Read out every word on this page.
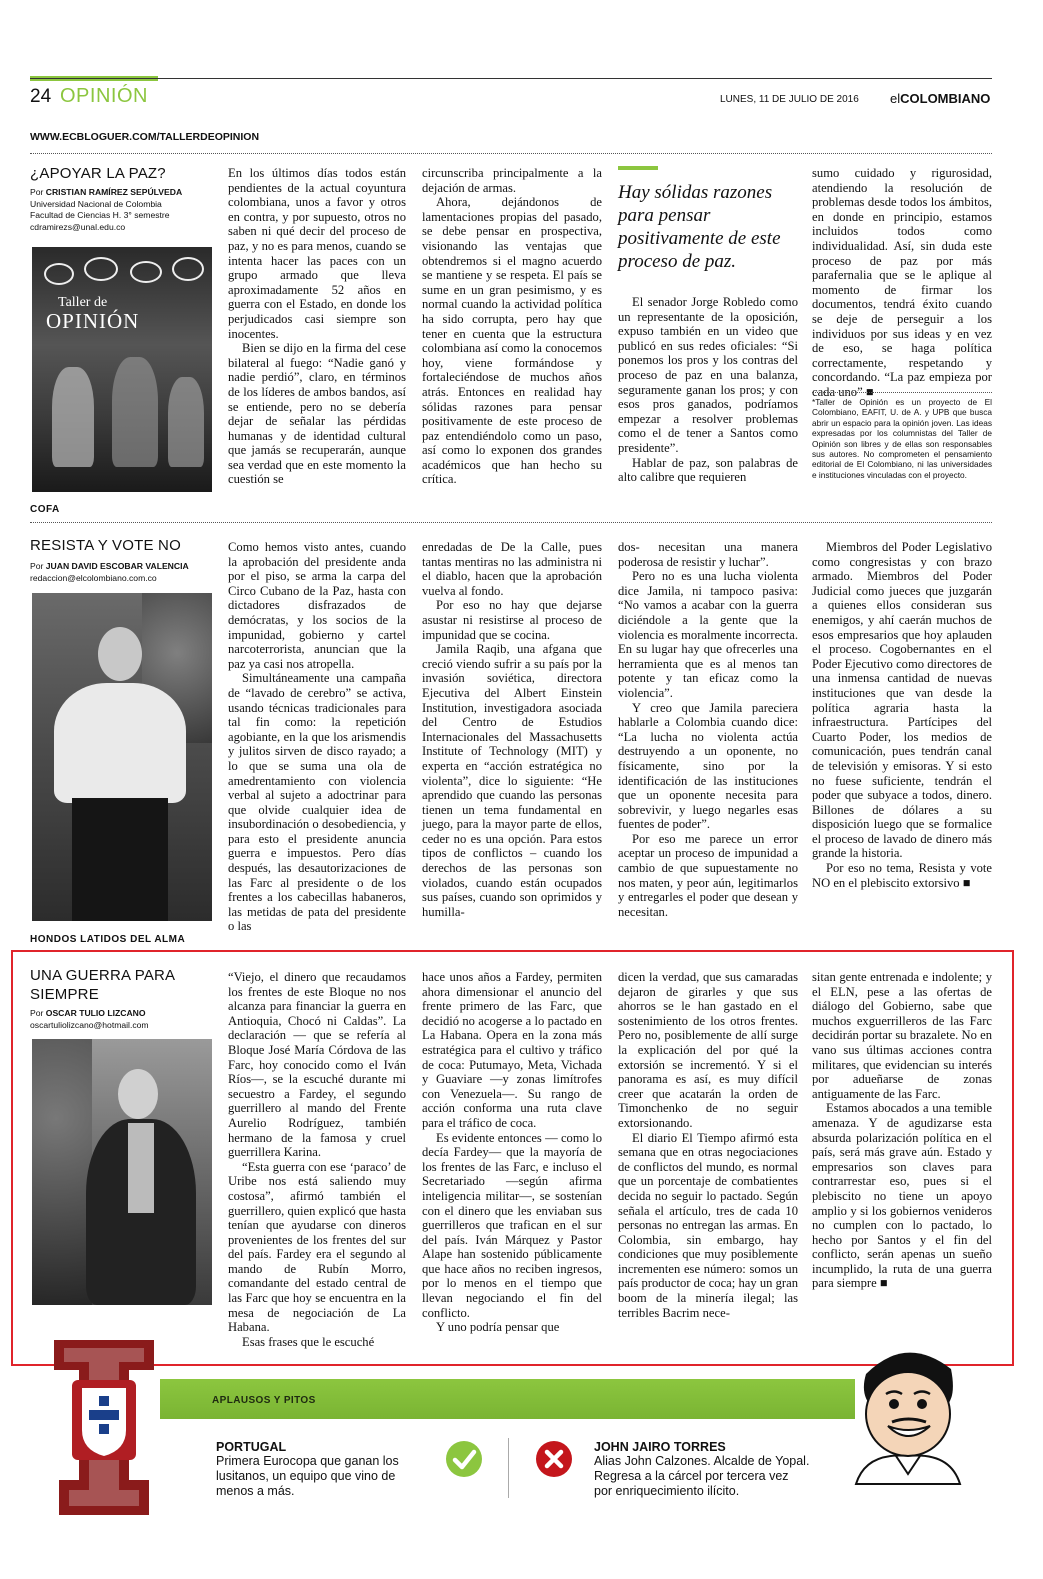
24 OPINIÓN	LUNES, 11 DE JULIO DE 2016 elCOLOMBIANO
WWW.ECBLOGUER.COM/TALLERDEOPINION
¿APOYAR LA PAZ?
Por CRISTIAN RAMÍREZ SEPÚLVEDA
Universidad Nacional de Colombia
Facultad de Ciencias H. 3° semestre
cdramirezs@unal.edu.co
Taller de
OPINIÓN

En los últimos días todos están pendientes de la actual coyuntura colombiana, unos a favor y otros en contra, y por supuesto, otros no saben ni qué decir del proceso de paz, y no es para menos, cuando se intenta hacer las paces con un grupo armado que lleva aproximadamente 52 años en guerra con el Estado, en donde los perjudicados casi siempre son inocentes.

Bien se dijo en la firma del cese bilateral al fuego: “Nadie ganó y nadie perdió”, claro, en términos de los líderes de ambos bandos, así se entiende, pero no se debería dejar de señalar las pérdidas humanas y de identidad cultural que jamás se recuperarán, aunque sea verdad que en este momento la cuestión se

circunscriba principalmente a la dejación de armas.

Ahora, dejándonos de lamentaciones propias del pasado, se debe pensar en prospectiva, visionando las ventajas que obtendremos si el magno acuerdo se mantiene y se respeta. El país se sume en un gran pesimismo, y es normal cuando la actividad política ha sido corrupta, pero hay que tener en cuenta que la estructura colombiana así como la conocemos hoy, viene formándose y fortaleciéndose de muchos años atrás. Entonces en realidad hay sólidas razones para pensar positivamente de este proceso de paz entendiéndolo como un paso, así como lo exponen dos grandes académicos que han hecho su crítica.

Hay sólidas razones para pensar positivamente de este proceso de paz.

El senador Jorge Robledo como un representante de la oposición, expuso también en un video que publicó en sus redes oficiales: “Si ponemos los pros y los contras del proceso de paz en una balanza, seguramente ganan los pros; y con esos pros ganados, podríamos empezar a resolver problemas como el de tener a Santos como presidente”.

Hablar de paz, son palabras de alto calibre que requieren

sumo cuidado y rigurosidad, atendiendo la resolución de problemas desde todos los ámbitos, en donde en principio, estamos incluidos todos como individualidad. Así, sin duda este proceso de paz por más parafernalia que se le aplique al momento de firmar los documentos, tendrá éxito cuando se deje de perseguir a los individuos por sus ideas y en vez de eso, se haga política correctamente, respetando y concordando. “La paz empieza por cada uno” ■

*Taller de Opinión es un proyecto de El Colombiano, EAFIT, U. de A. y UPB que busca abrir un espacio para la opinión joven. Las ideas expresadas por los columnistas del Taller de Opinión son libres y de ellas son responsables sus autores. No comprometen el pensamiento editorial de El Colombiano, ni las universidades e instituciones vinculadas con el proyecto.
COFA
RESISTA Y VOTE NO
Por JUAN DAVID ESCOBAR VALENCIA
redaccion@elcolombiano.com.co

Como hemos visto antes, cuando la aprobación del presidente anda por el piso, se arma la carpa del Circo Cubano de la Paz, hasta con dictadores disfrazados de demócratas, y los socios de la impunidad, gobierno y cartel narcoterrorista, anuncian que la paz ya casi nos atropella.

Simultáneamente una campaña de “lavado de cerebro” se activa, usando técnicas tradicionales para tal fin como: la repetición agobiante, en la que los arismendis y julitos sirven de disco rayado; a lo que se suma una ola de amedrentamiento con violencia verbal al sujeto a adoctrinar para que olvide cualquier idea de insubordinación o desobediencia, y para esto el presidente anuncia guerra e impuestos. Pero días después, las desautorizaciones de las Farc al presidente o de los frentes a los cabecillas habaneros, las metidas de pata del presidente o las

enredadas de De la Calle, pues tantas mentiras no las administra ni el diablo, hacen que la aprobación vuelva al fondo.

Por eso no hay que dejarse asustar ni resistirse al proceso de impunidad que se cocina.

Jamila Raqib, una afgana que creció viendo sufrir a su país por la invasión soviética, directora Ejecutiva del Albert Einstein Institution, investigadora asociada del Centro de Estudios Internacionales del Massachusetts Institute of Technology (MIT) y experta en “acción estratégica no violenta”, dice lo siguiente: “He aprendido que cuando las personas tienen un tema fundamental en juego, para la mayor parte de ellos, ceder no es una opción. Para estos tipos de conflictos – cuando los derechos de las personas son violados, cuando están ocupados sus países, cuando son oprimidos y humilla-

dos- necesitan una manera poderosa de resistir y luchar”.

Pero no es una lucha violenta dice Jamila, ni tampoco pasiva: “No vamos a acabar con la guerra diciéndole a la gente que la violencia es moralmente incorrecta. En su lugar hay que ofrecerles una herramienta que es al menos tan potente y tan eficaz como la violencia”.

Y creo que Jamila pareciera hablarle a Colombia cuando dice: “La lucha no violenta actúa destruyendo a un oponente, no físicamente, sino por la identificación de las instituciones que un oponente necesita para sobrevivir, y luego negarles esas fuentes de poder”.

Por eso me parece un error aceptar un proceso de impunidad a cambio de que supuestamente no nos maten, y peor aún, legitimarlos y entregarles el poder que desean y necesitan.

Miembros del Poder Legislativo como congresistas y con brazo armado. Miembros del Poder Judicial como jueces que juzgarán a quienes ellos consideran sus enemigos, y ahí caerán muchos de esos empresarios que hoy aplauden el proceso. Cogobernantes en el Poder Ejecutivo como directores de una inmensa cantidad de nuevas instituciones que van desde la política agraria hasta la infraestructura. Partícipes del Cuarto Poder, los medios de comunicación, pues tendrán canal de televisión y emisoras. Y si esto no fuese suficiente, tendrán el poder que subyace a todos, dinero. Billones de dólares a su disposición luego que se formalice el proceso de lavado de dinero más grande la historia.

Por eso no tema, Resista y vote NO en el plebiscito extorsivo ■

HONDOS LATIDOS DEL ALMA
UNA GUERRA PARA
SIEMPRE
Por OSCAR TULIO LIZCANO
oscartuliolizcano@hotmail.com

“Viejo, el dinero que recaudamos los frentes de este Bloque no nos alcanza para financiar la guerra en Antioquia, Chocó ni Caldas”. La declaración — que se refería al Bloque José María Córdova de las Farc, hoy conocido como el Iván Ríos—, se la escuché durante mi secuestro a Fardey, el segundo guerrillero al mando del Frente Aurelio Rodríguez, también hermano de la famosa y cruel guerrillera Karina.

“Esta guerra con ese ‘paraco’ de Uribe nos está saliendo muy costosa”, afirmó también el guerrillero, quien explicó que hasta tenían que ayudarse con dineros provenientes de los frentes del sur del país. Fardey era el segundo al mando de Rubín Morro, comandante del estado central de las Farc que hoy se encuentra en la mesa de negociación de La Habana.

Esas frases que le escuché

hace unos años a Fardey, permiten ahora dimensionar el anuncio del frente primero de las Farc, que decidió no acogerse a lo pactado en La Habana. Opera en la zona más estratégica para el cultivo y tráfico de coca: Putumayo, Meta, Vichada y Guaviare —y zonas limítrofes con Venezuela—. Su rango de acción conforma una ruta clave para el tráfico de coca.

Es evidente entonces — como lo decía Fardey— que la mayoría de los frentes de las Farc, e incluso el Secretariado —según afirma inteligencia militar—, se sostenían con el dinero que les enviaban sus guerrilleros que trafican en el sur del país. Iván Márquez y Pastor Alape han sostenido públicamente que hace años no reciben ingresos, por lo menos en el tiempo que llevan negociando el fin del conflicto.

Y uno podría pensar que

dicen la verdad, que sus camaradas dejaron de girarles y que sus ahorros se le han gastado en el sostenimiento de los otros frentes. Pero no, posiblemente de allí surge la explicación del por qué la extorsión se incrementó. Y si el panorama es así, es muy difícil creer que acatarán la orden de Timonchenko de no seguir extorsionando.

El diario El Tiempo afirmó esta semana que en otras negociaciones de conflictos del mundo, es normal que un porcentaje de combatientes decida no seguir lo pactado. Según señala el artículo, tres de cada 10 personas no entregan las armas. En Colombia, sin embargo, hay condiciones que muy posiblemente incrementen ese número: somos un país productor de coca; hay un gran boom de la minería ilegal; las terribles Bacrim nece-

sitan gente entrenada e indolente; y el ELN, pese a las ofertas de diálogo del Gobierno, sabe que muchos exguerrilleros de las Farc decidirán portar su brazalete. No en vano sus últimas acciones contra militares, que evidencian su interés por adueñarse de zonas antiguamente de las Farc.

Estamos abocados a una temible amenaza. Y de agudizarse esta absurda polarización política en el país, será más grave aún. Estado y empresarios son claves para contrarrestar eso, pues si el plebiscito no tiene un apoyo amplio y si los gobiernos venideros no cumplen con lo pactado, lo hecho por Santos y el fin del conflicto, serán apenas un sueño incumplido, la ruta de una guerra para siempre ■

APLAUSOS Y PITOS
PORTUGAL
Primera Eurocopa que ganan los lusitanos, un equipo que vino de menos a más.
JOHN JAIRO TORRES
Alias John Calzones. Alcalde de Yopal. Regresa a la cárcel por tercera vez por enriquecimiento ilícito.
